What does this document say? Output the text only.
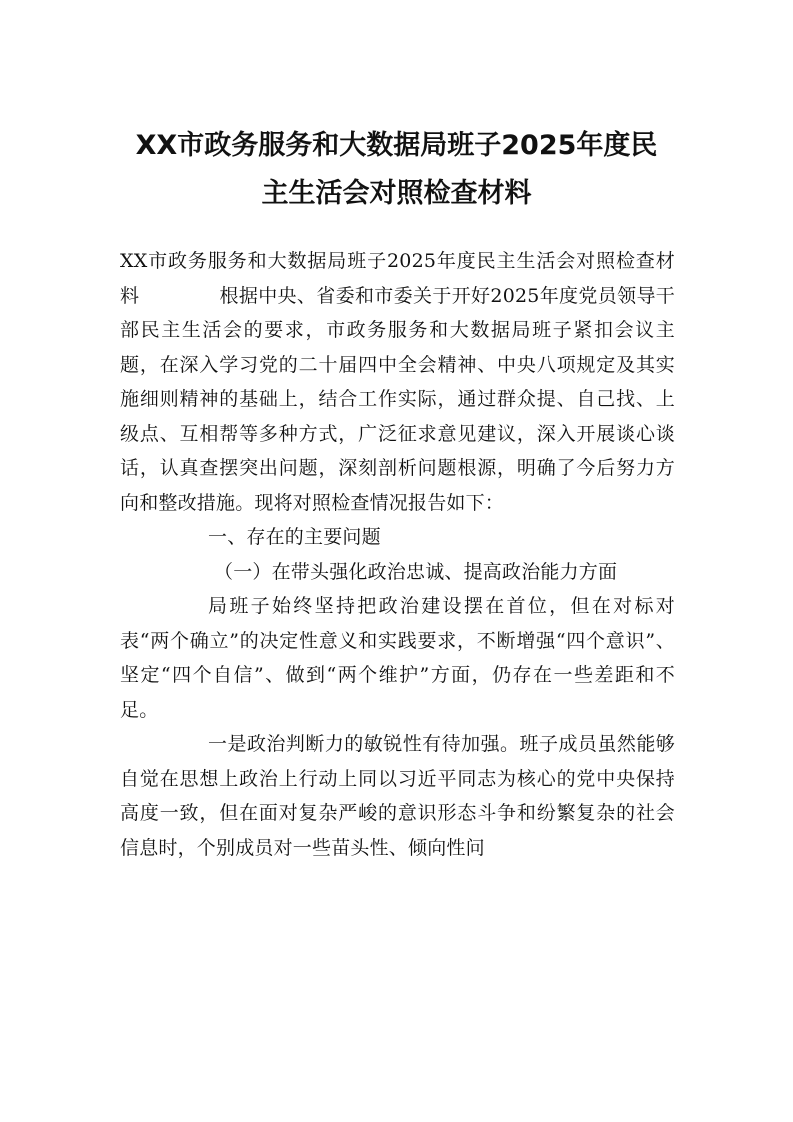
XX市政务服务和大数据局班子2025年度民
主生活会对照检查材料

XX市政务服务和大数据局班子2025年度民主生活会对照检查材料	根据中央、省委和市委关于开好2025年度党员领导干部民主生活会的要求，市政务服务和大数据局班子紧扣会议主题，在深入学习党的二十届四中全会精神、中央八项规定及其实施细则精神的基础上，结合工作实际，通过群众提、自己找、上级点、互相帮等多种方式，广泛征求意见建议，深入开展谈心谈话，认真查摆突出问题，深刻剖析问题根源，明确了今后努力方向和整改措施。现将对照检查情况报告如下：

一、存在的主要问题

（一）在带头强化政治忠诚、提高政治能力方面

局班子始终坚持把政治建设摆在首位，但在对标对表“两个确立”的决定性意义和实践要求，不断增强“四个意识”、坚定“四个自信”、做到“两个维护”方面，仍存在一些差距和不足。

一是政治判断力的敏锐性有待加强。班子成员虽然能够自觉在思想上政治上行动上同以习近平同志为核心的党中央保持高度一致，但在面对复杂严峻的意识形态斗争和纷繁复杂的社会信息时，个别成员对一些苗头性、倾向性问
